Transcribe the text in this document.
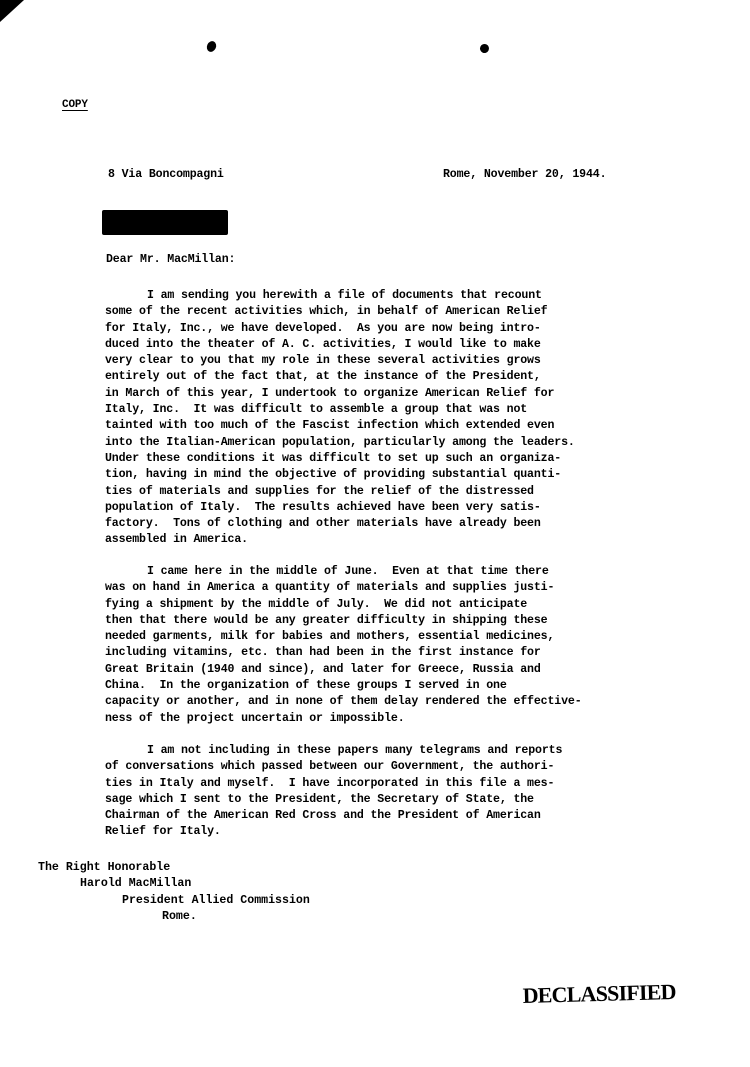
COPY
8 Via Boncompagni	Rome, November 20, 1944.
Dear Mr. MacMillan:
I am sending you herewith a file of documents that recount
some of the recent activities which, in behalf of American Relief
for Italy, Inc., we have developed.  As you are now being intro-
duced into the theater of A. C. activities, I would like to make
very clear to you that my role in these several activities grows
entirely out of the fact that, at the instance of the President,
in March of this year, I undertook to organize American Relief for
Italy, Inc.  It was difficult to assemble a group that was not
tainted with too much of the Fascist infection which extended even
into the Italian-American population, particularly among the leaders.
Under these conditions it was difficult to set up such an organiza-
tion, having in mind the objective of providing substantial quanti-
ties of materials and supplies for the relief of the distressed
population of Italy.  The results achieved have been very satis-
factory.  Tons of clothing and other materials have already been
assembled in America.
I came here in the middle of June.  Even at that time there
was on hand in America a quantity of materials and supplies justi-
fying a shipment by the middle of July.  We did not anticipate
then that there would be any greater difficulty in shipping these
needed garments, milk for babies and mothers, essential medicines,
including vitamins, etc. than had been in the first instance for
Great Britain (1940 and since), and later for Greece, Russia and
China.  In the organization of these groups I served in one
capacity or another, and in none of them delay rendered the effective-
ness of the project uncertain or impossible.
I am not including in these papers many telegrams and reports
of conversations which passed between our Government, the authori-
ties in Italy and myself.  I have incorporated in this file a mes-
sage which I sent to the President, the Secretary of State, the
Chairman of the American Red Cross and the President of American
Relief for Italy.
The Right Honorable
Harold MacMillan
President Allied Commission
Rome.
DECLASSIFIED
